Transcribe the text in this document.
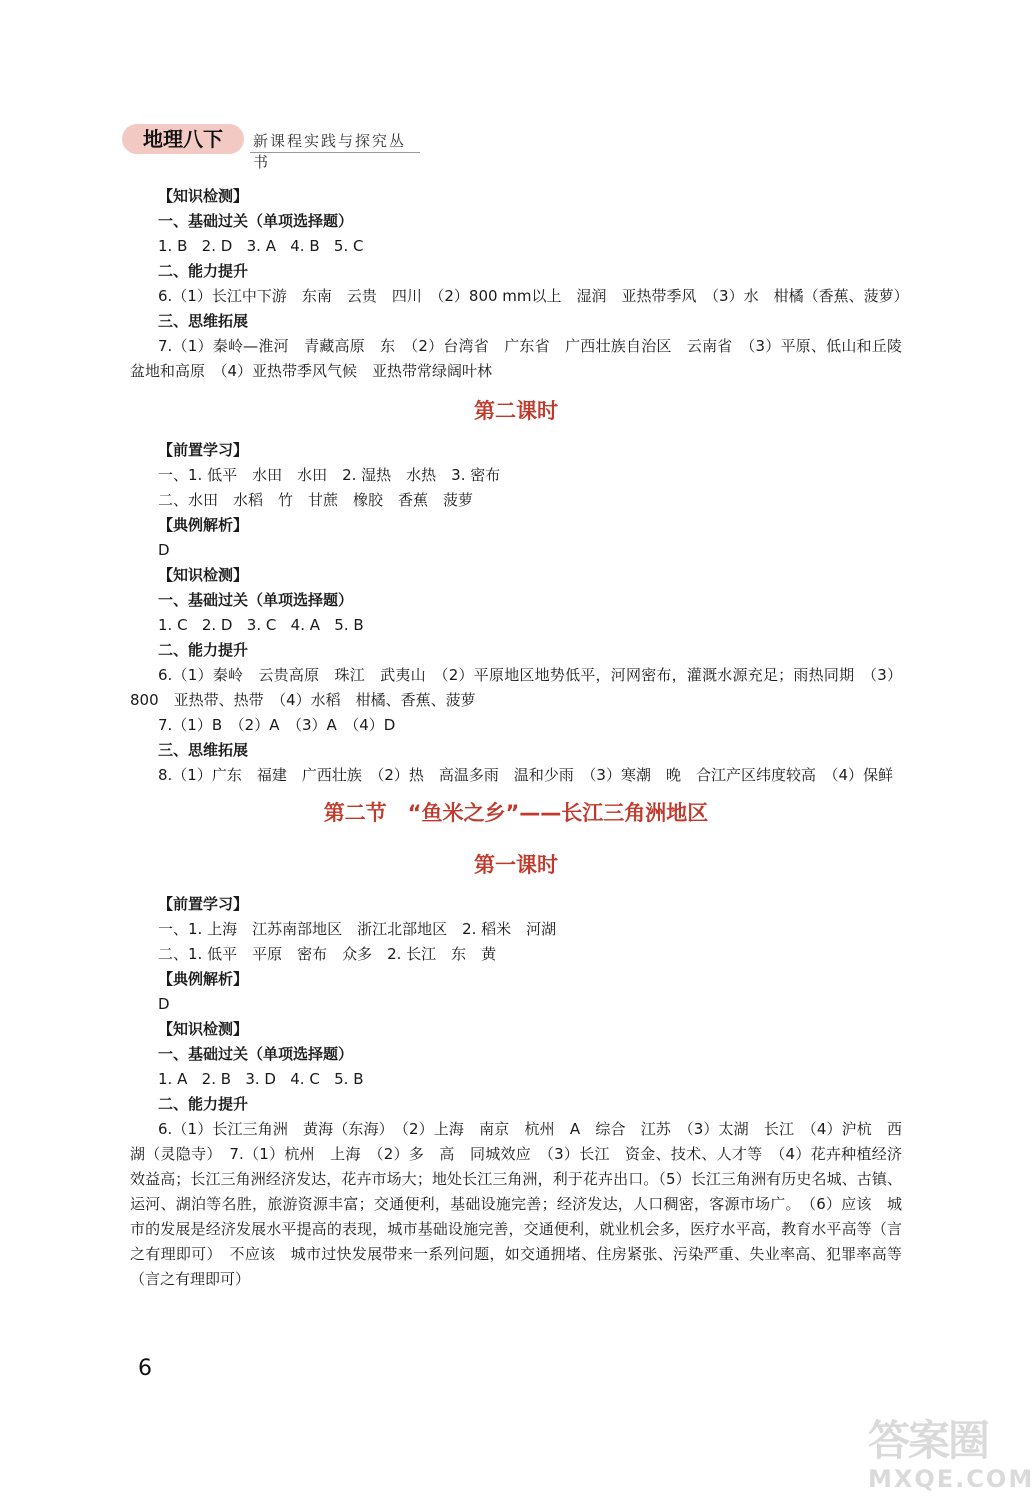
地理八下	新课程实践与探究丛书
【知识检测】
一、基础过关（单项选择题）
1. B   2. D   3. A   4. B   5. C
二、能力提升
6.（1）长江中下游　东南　云贵　四川　（2）800 mm以上　湿润　亚热带季风　（3）水　柑橘（香蕉、菠萝）
三、思维拓展
7.（1）秦岭—淮河　青藏高原　东　（2）台湾省　广东省　广西壮族自治区　云南省　（3）平原、低山和丘陵　盆地和高原　（4）亚热带季风气候　亚热带常绿阔叶林
第二课时
【前置学习】
一、1. 低平　水田　水田　2. 湿热　水热　3. 密布
二、水田　水稻　竹　甘蔗　橡胶　香蕉　菠萝
【典例解析】
D
【知识检测】
一、基础过关（单项选择题）
1. C   2. D   3. C   4. A   5. B
二、能力提升
6.（1）秦岭　云贵高原　珠江　武夷山　（2）平原地区地势低平，河网密布，灌溉水源充足；雨热同期　（3）800　亚热带、热带　（4）水稻　柑橘、香蕉、菠萝
7.（1）B　（2）A　（3）A　（4）D
三、思维拓展
8.（1）广东　福建　广西壮族　（2）热　高温多雨　温和少雨　（3）寒潮　晚　合江产区纬度较高　（4）保鲜
第二节　“鱼米之乡”——长江三角洲地区
第一课时
【前置学习】
一、1. 上海　江苏南部地区　浙江北部地区　2. 稻米　河湖
二、1. 低平　平原　密布　众多　2. 长江　东　黄
【典例解析】
D
【知识检测】
一、基础过关（单项选择题）
1. A   2. B   3. D   4. C   5. B
二、能力提升
6.（1）长江三角洲　黄海（东海）　（2）上海　南京　杭州　A　综合　江苏　（3）太湖　长江　（4）沪杭　西湖（灵隐寺）　7.（1）杭州　上海　（2）多　高　同城效应　（3）长江　资金、技术、人才等　（4）花卉种植经济效益高；长江三角洲经济发达，花卉市场大；地处长江三角洲，利于花卉出口。（5）长江三角洲有历史名城、古镇、运河、湖泊等名胜，旅游资源丰富；交通便利，基础设施完善；经济发达，人口稠密，客源市场广。　（6）应该　城市的发展是经济发展水平提高的表现，城市基础设施完善，交通便利，就业机会多，医疗水平高，教育水平高等（言之有理即可）　不应该　城市过快发展带来一系列问题，如交通拥堵、住房紧张、污染严重、失业率高、犯罪率高等（言之有理即可）
6
答案圈
MXQE.COM
